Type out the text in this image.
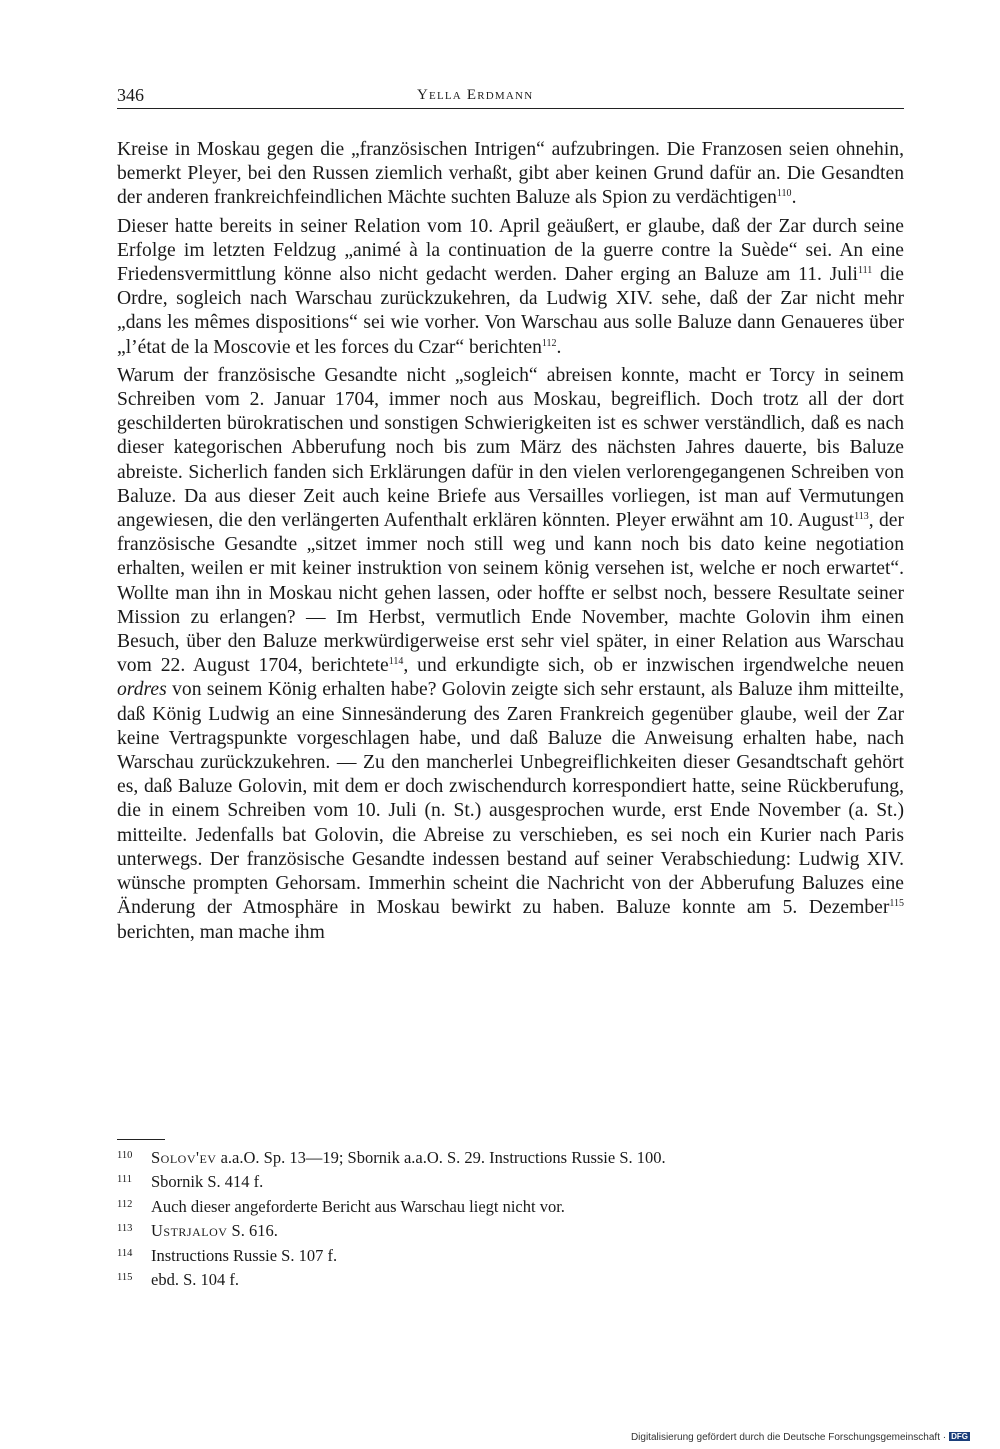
346	Yella Erdmann

Kreise in Moskau gegen die „französischen Intrigen“ aufzubringen. Die Franzosen seien ohnehin, bemerkt Pleyer, bei den Russen ziemlich verhaßt, gibt aber keinen Grund dafür an. Die Gesandten der anderen frankreichfeindlichen Mächte suchten Baluze als Spion zu verdächtigen$^{110}$.

Dieser hatte bereits in seiner Relation vom 10. April geäußert, er glaube, daß der Zar durch seine Erfolge im letzten Feldzug „animé à la continuation de la guerre contre la Suède“ sei. An eine Friedensvermittlung könne also nicht gedacht werden. Daher erging an Baluze am 11. Juli$^{111}$ die Ordre, sogleich nach Warschau zurückzukehren, da Ludwig XIV. sehe, daß der Zar nicht mehr „dans les mêmes dispositions“ sei wie vorher. Von Warschau aus solle Baluze dann Genaueres über „l’état de la Moscovie et les forces du Czar“ berichten$^{112}$.

Warum der französische Gesandte nicht „sogleich“ abreisen konnte, macht er Torcy in seinem Schreiben vom 2. Januar 1704, immer noch aus Moskau, begreiflich. Doch trotz all der dort geschilderten bürokratischen und sonstigen Schwierigkeiten ist es schwer verständlich, daß es nach dieser kategorischen Abberufung noch bis zum März des nächsten Jahres dauerte, bis Baluze abreiste. Sicherlich fanden sich Erklärungen dafür in den vielen verlorengegangenen Schreiben von Baluze. Da aus dieser Zeit auch keine Briefe aus Versailles vorliegen, ist man auf Vermutungen angewiesen, die den verlängerten Aufenthalt erklären könnten. Pleyer erwähnt am 10. August$^{113}$, der französische Gesandte „sitzet immer noch still weg und kann noch bis dato keine negotiation erhalten, weilen er mit keiner instruktion von seinem könig versehen ist, welche er noch erwartet“. Wollte man ihn in Moskau nicht gehen lassen, oder hoffte er selbst noch, bessere Resultate seiner Mission zu erlangen? — Im Herbst, vermutlich Ende November, machte Golovin ihm einen Besuch, über den Baluze merkwürdigerweise erst sehr viel später, in einer Relation aus Warschau vom 22. August 1704, berichtete$^{114}$, und erkundigte sich, ob er inzwischen irgendwelche neuen ordres von seinem König erhalten habe? Golovin zeigte sich sehr erstaunt, als Baluze ihm mitteilte, daß König Ludwig an eine Sinnesänderung des Zaren Frankreich gegenüber glaube, weil der Zar keine Vertragspunkte vorgeschlagen habe, und daß Baluze die Anweisung erhalten habe, nach Warschau zurückzukehren. — Zu den mancherlei Unbegreiflichkeiten dieser Gesandtschaft gehört es, daß Baluze Golovin, mit dem er doch zwischendurch korrespondiert hatte, seine Rückberufung, die in einem Schreiben vom 10. Juli (n. St.) ausgesprochen wurde, erst Ende November (a. St.) mitteilte. Jedenfalls bat Golovin, die Abreise zu verschieben, es sei noch ein Kurier nach Paris unterwegs. Der französische Gesandte indessen bestand auf seiner Verabschiedung: Ludwig XIV. wünsche prompten Gehorsam. Immerhin scheint die Nachricht von der Abberufung Baluzes eine Änderung der Atmosphäre in Moskau bewirkt zu haben. Baluze konnte am 5. Dezember$^{115}$ berichten, man mache ihm

110 Solov'ev a.a.O. Sp. 13—19; Sbornik a.a.O. S. 29. Instructions Russie S. 100.
111 Sbornik S. 414 f.
112 Auch dieser angeforderte Bericht aus Warschau liegt nicht vor.
113 Ustrjalov S. 616.
114 Instructions Russie S. 107 f.
115 ebd. S. 104 f.
Digitalisierung gefördert durch die Deutsche Forschungsgemeinschaft · DFG
